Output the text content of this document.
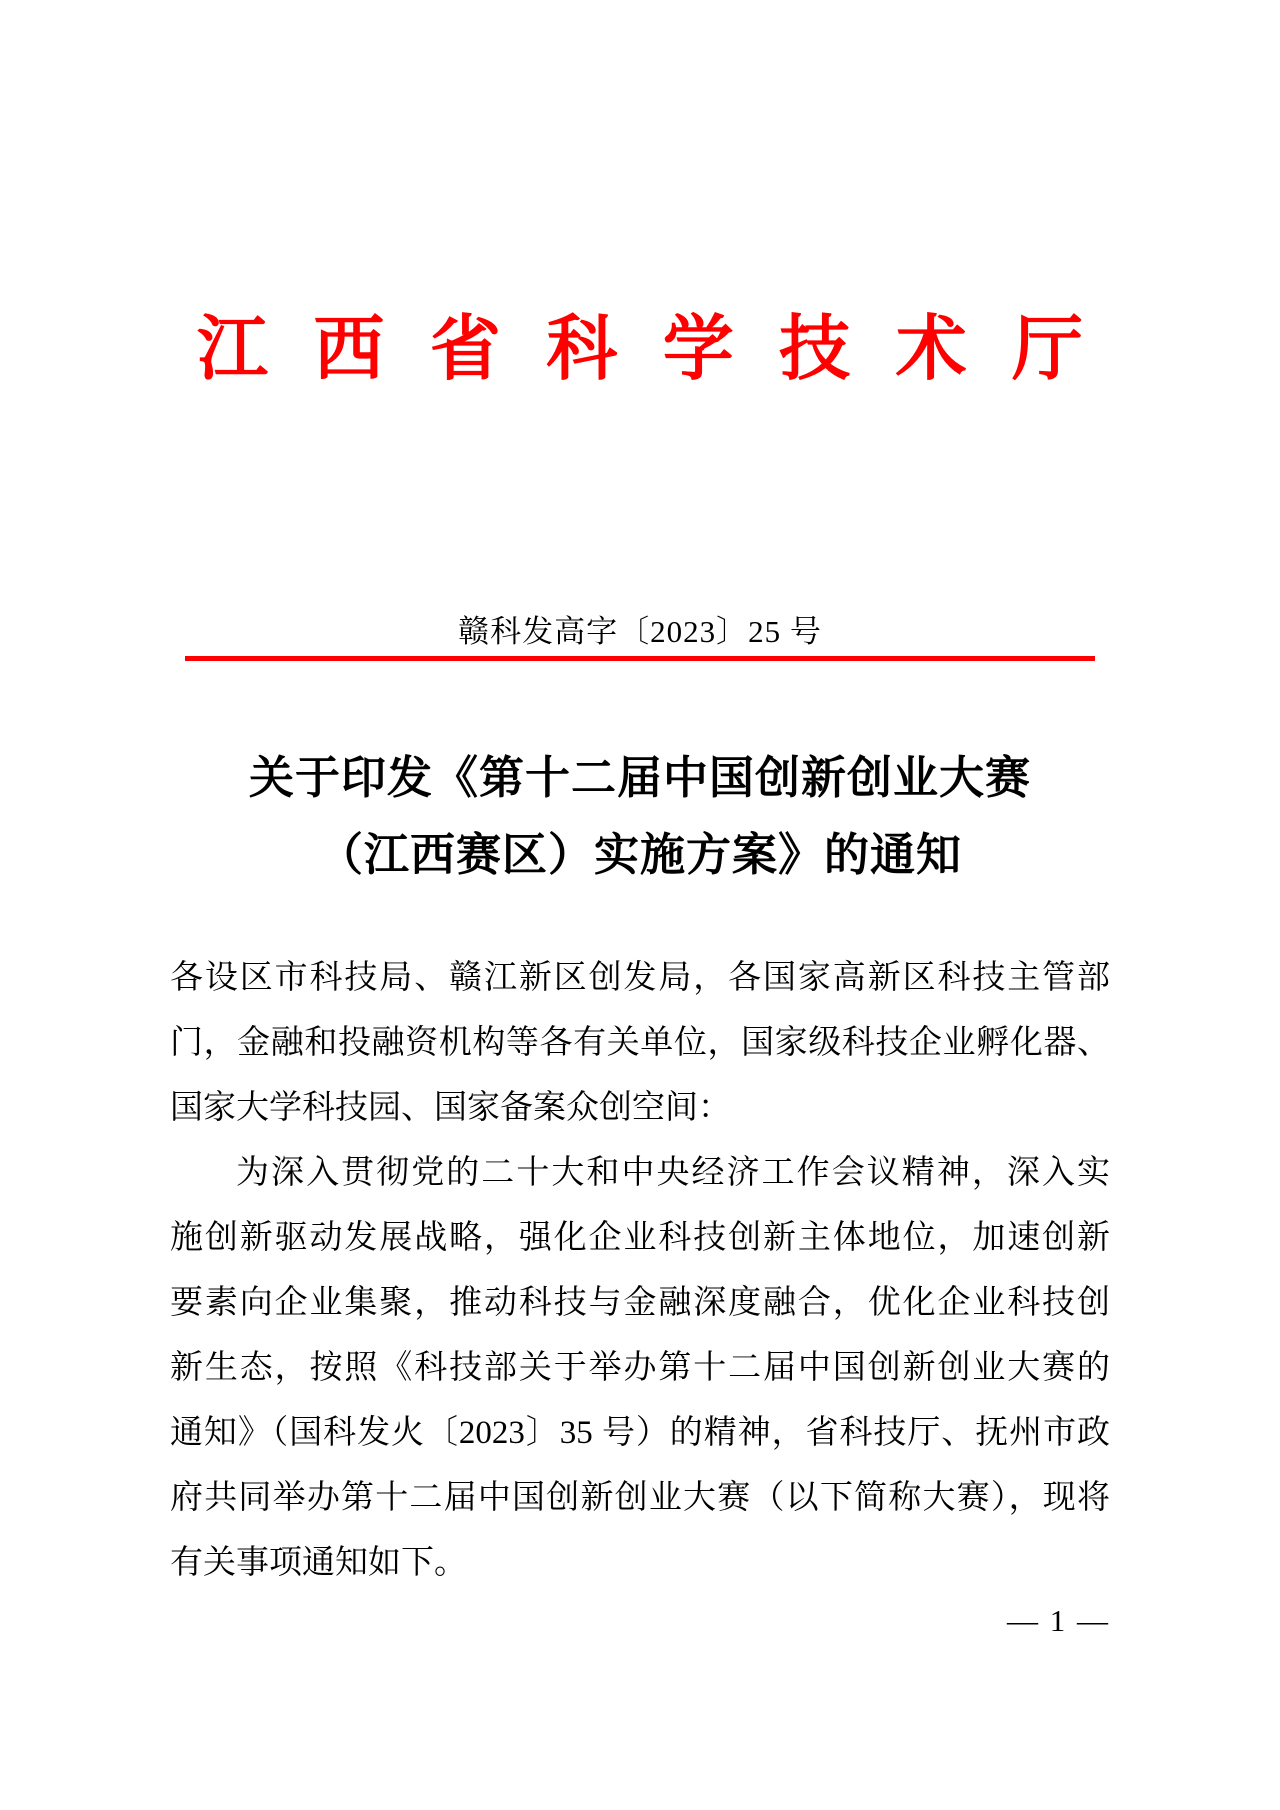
江西省科学技术厅
赣科发高字〔2023〕25 号
关于印发《第十二届中国创新创业大赛
（江西赛区）实施方案》的通知
各设区市科技局、赣江新区创发局，各国家高新区科技主管部
门，金融和投融资机构等各有关单位，国家级科技企业孵化器、
国家大学科技园、国家备案众创空间：
为深入贯彻党的二十大和中央经济工作会议精神，深入实
施创新驱动发展战略，强化企业科技创新主体地位，加速创新
要素向企业集聚，推动科技与金融深度融合，优化企业科技创
新生态，按照《科技部关于举办第十二届中国创新创业大赛的
通知》（国科发火〔2023〕35 号）的精神，省科技厅、抚州市政
府共同举办第十二届中国创新创业大赛（以下简称大赛），现将
有关事项通知如下。
— 1 —
